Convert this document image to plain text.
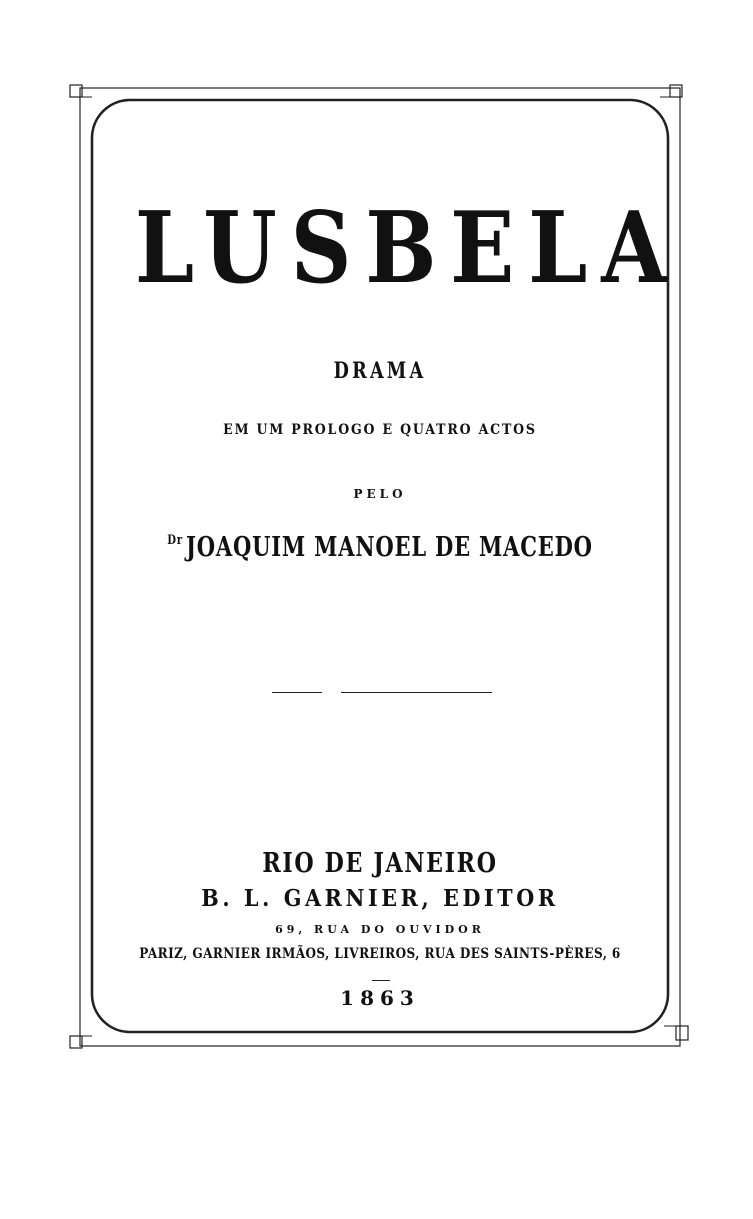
LUSBELA
DRAMA
EM UM PROLOGO E QUATRO ACTOS
PELO
$^{Dr}$ JOAQUIM MANOEL DE MACEDO
RIO DE JANEIRO
B. L. GARNIER, EDITOR
69, RUA DO OUVIDOR
PARIZ, GARNIER IRMÃOS, LIVREIROS, RUA DES SAINTS-PÈRES, 6
1863
